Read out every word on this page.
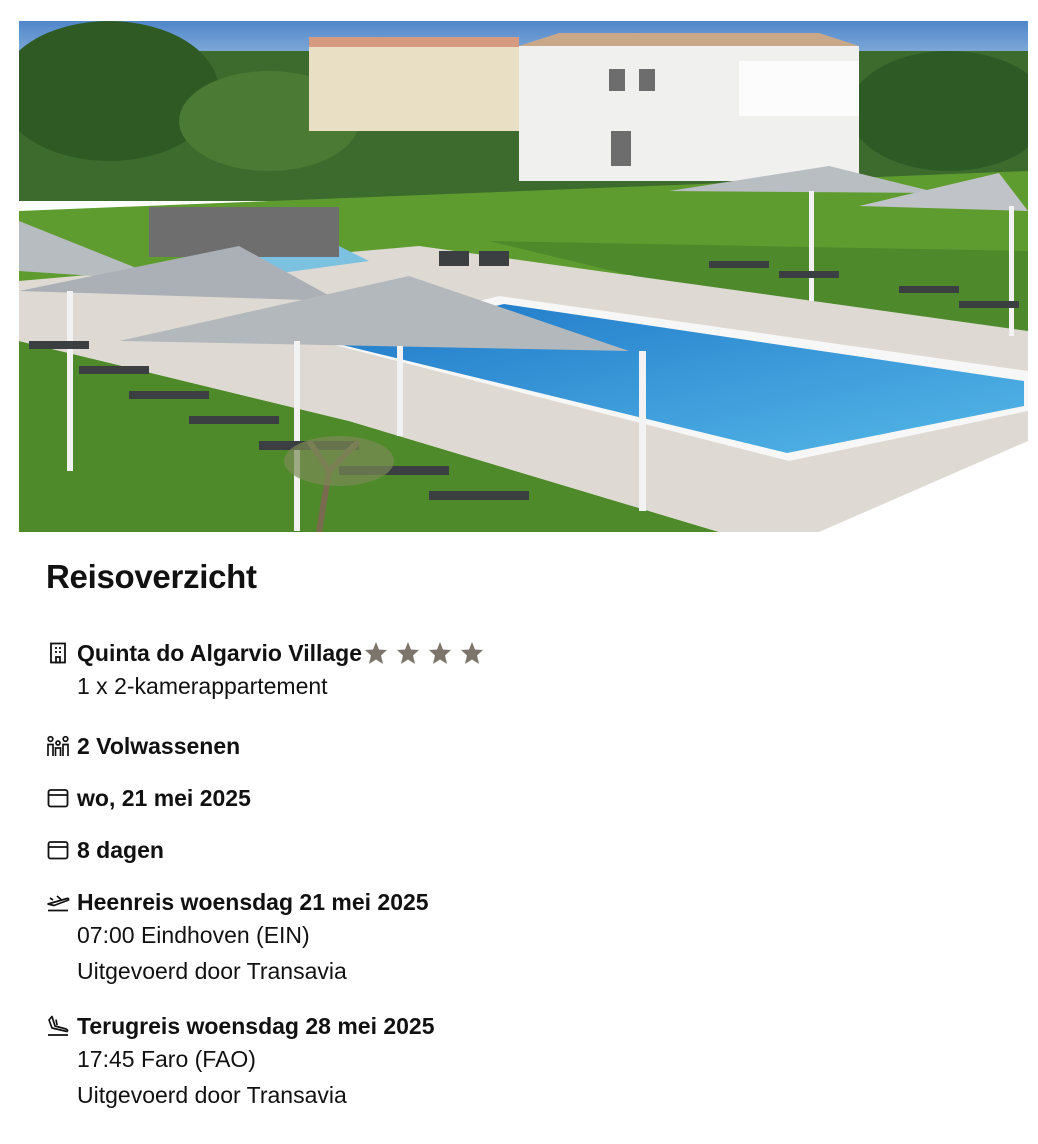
Reisoverzicht
Quinta do Algarvio Village
1 x 2-kamerappartement
2 Volwassenen
wo, 21 mei 2025
8 dagen
Heenreis woensdag 21 mei 2025
07:00 Eindhoven (EIN)
Uitgevoerd door Transavia
Terugreis woensdag 28 mei 2025
17:45 Faro (FAO)
Uitgevoerd door Transavia
